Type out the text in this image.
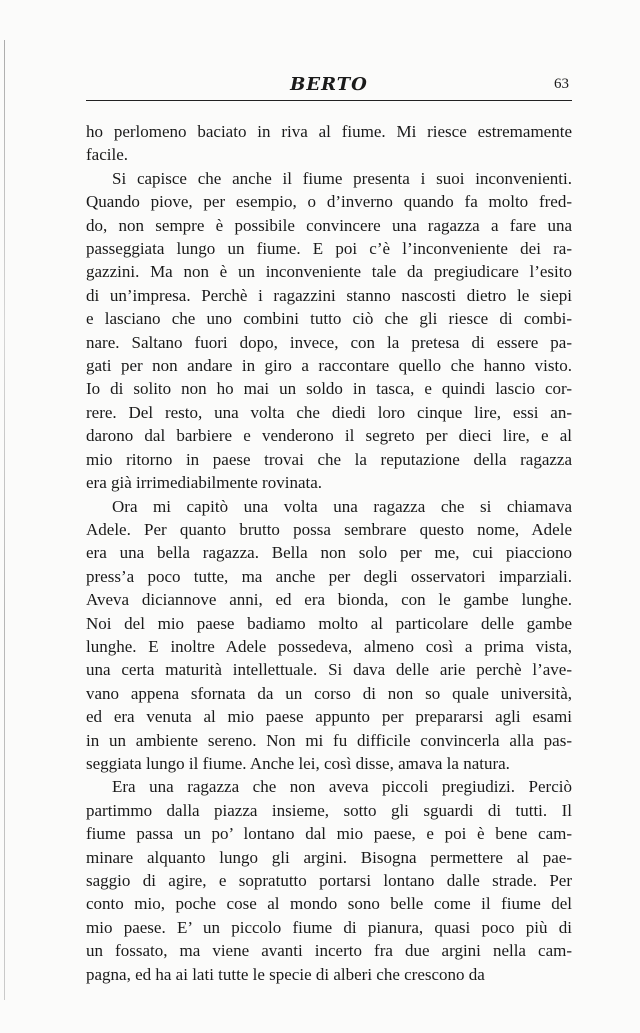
BERTO	63
ho perlomeno baciato in riva al fiume. Mi riesce estremamente
facile.
Si capisce che anche il fiume presenta i suoi inconvenienti.
Quando piove, per esempio, o d’inverno quando fa molto fred-
do, non sempre è possibile convincere una ragazza a fare una
passeggiata lungo un fiume. E poi c’è l’inconveniente dei ra-
gazzini. Ma non è un inconveniente tale da pregiudicare l’esito
di un’impresa. Perchè i ragazzini stanno nascosti dietro le siepi
e lasciano che uno combini tutto ciò che gli riesce di combi-
nare. Saltano fuori dopo, invece, con la pretesa di essere pa-
gati per non andare in giro a raccontare quello che hanno visto.
Io di solito non ho mai un soldo in tasca, e quindi lascio cor-
rere. Del resto, una volta che diedi loro cinque lire, essi an-
darono dal barbiere e venderono il segreto per dieci lire, e al
mio ritorno in paese trovai che la reputazione della ragazza
era già irrimediabilmente rovinata.
Ora mi capitò una volta una ragazza che si chiamava
Adele. Per quanto brutto possa sembrare questo nome, Adele
era una bella ragazza. Bella non solo per me, cui piacciono
press’a poco tutte, ma anche per degli osservatori imparziali.
Aveva diciannove anni, ed era bionda, con le gambe lunghe.
Noi del mio paese badiamo molto al particolare delle gambe
lunghe. E inoltre Adele possedeva, almeno così a prima vista,
una certa maturità intellettuale. Si dava delle arie perchè l’ave-
vano appena sfornata da un corso di non so quale università,
ed era venuta al mio paese appunto per prepararsi agli esami
in un ambiente sereno. Non mi fu difficile convincerla alla pas-
seggiata lungo il fiume. Anche lei, così disse, amava la natura.
Era una ragazza che non aveva piccoli pregiudizi. Perciò
partimmo dalla piazza insieme, sotto gli sguardi di tutti. Il
fiume passa un po’ lontano dal mio paese, e poi è bene cam-
minare alquanto lungo gli argini. Bisogna permettere al pae-
saggio di agire, e sopratutto portarsi lontano dalle strade. Per
conto mio, poche cose al mondo sono belle come il fiume del
mio paese. E’ un piccolo fiume di pianura, quasi poco più di
un fossato, ma viene avanti incerto fra due argini nella cam-
pagna, ed ha ai lati tutte le specie di alberi che crescono da
